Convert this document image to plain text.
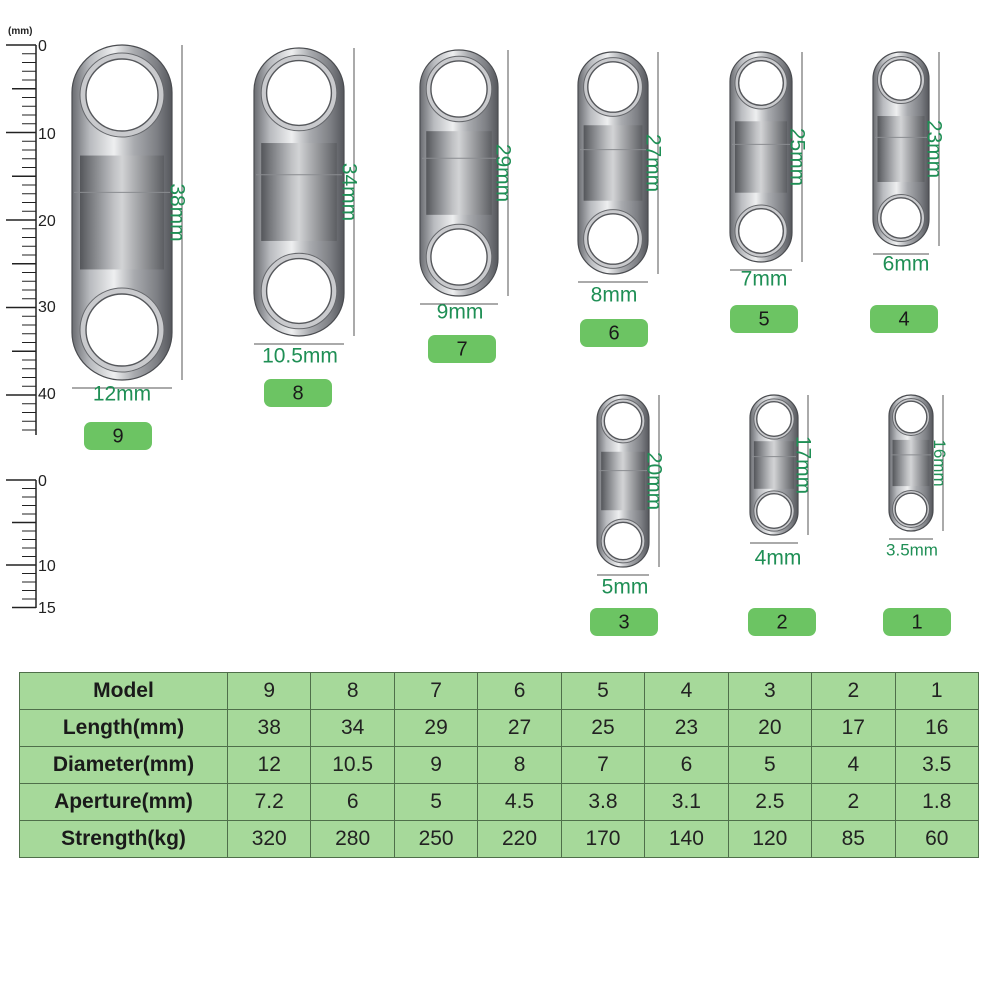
(mm)
0
10
20
30
40
0
10
15
38mm
12mm
9
34mm
10.5mm
8
29mm
9mm
7
27mm
8mm
6
25mm
7mm
5
23mm
6mm
4
20mm
5mm
3
17mm
4mm
2
16mm
3.5mm
1
Model	9	8	7	6	5	4	3	2	1
Length(mm)	38	34	29	27	25	23	20	17	16
Diameter(mm)	12	10.5	9	8	7	6	5	4	3.5
Aperture(mm)	7.2	6	5	4.5	3.8	3.1	2.5	2	1.8
Strength(kg)	320	280	250	220	170	140	120	85	60
